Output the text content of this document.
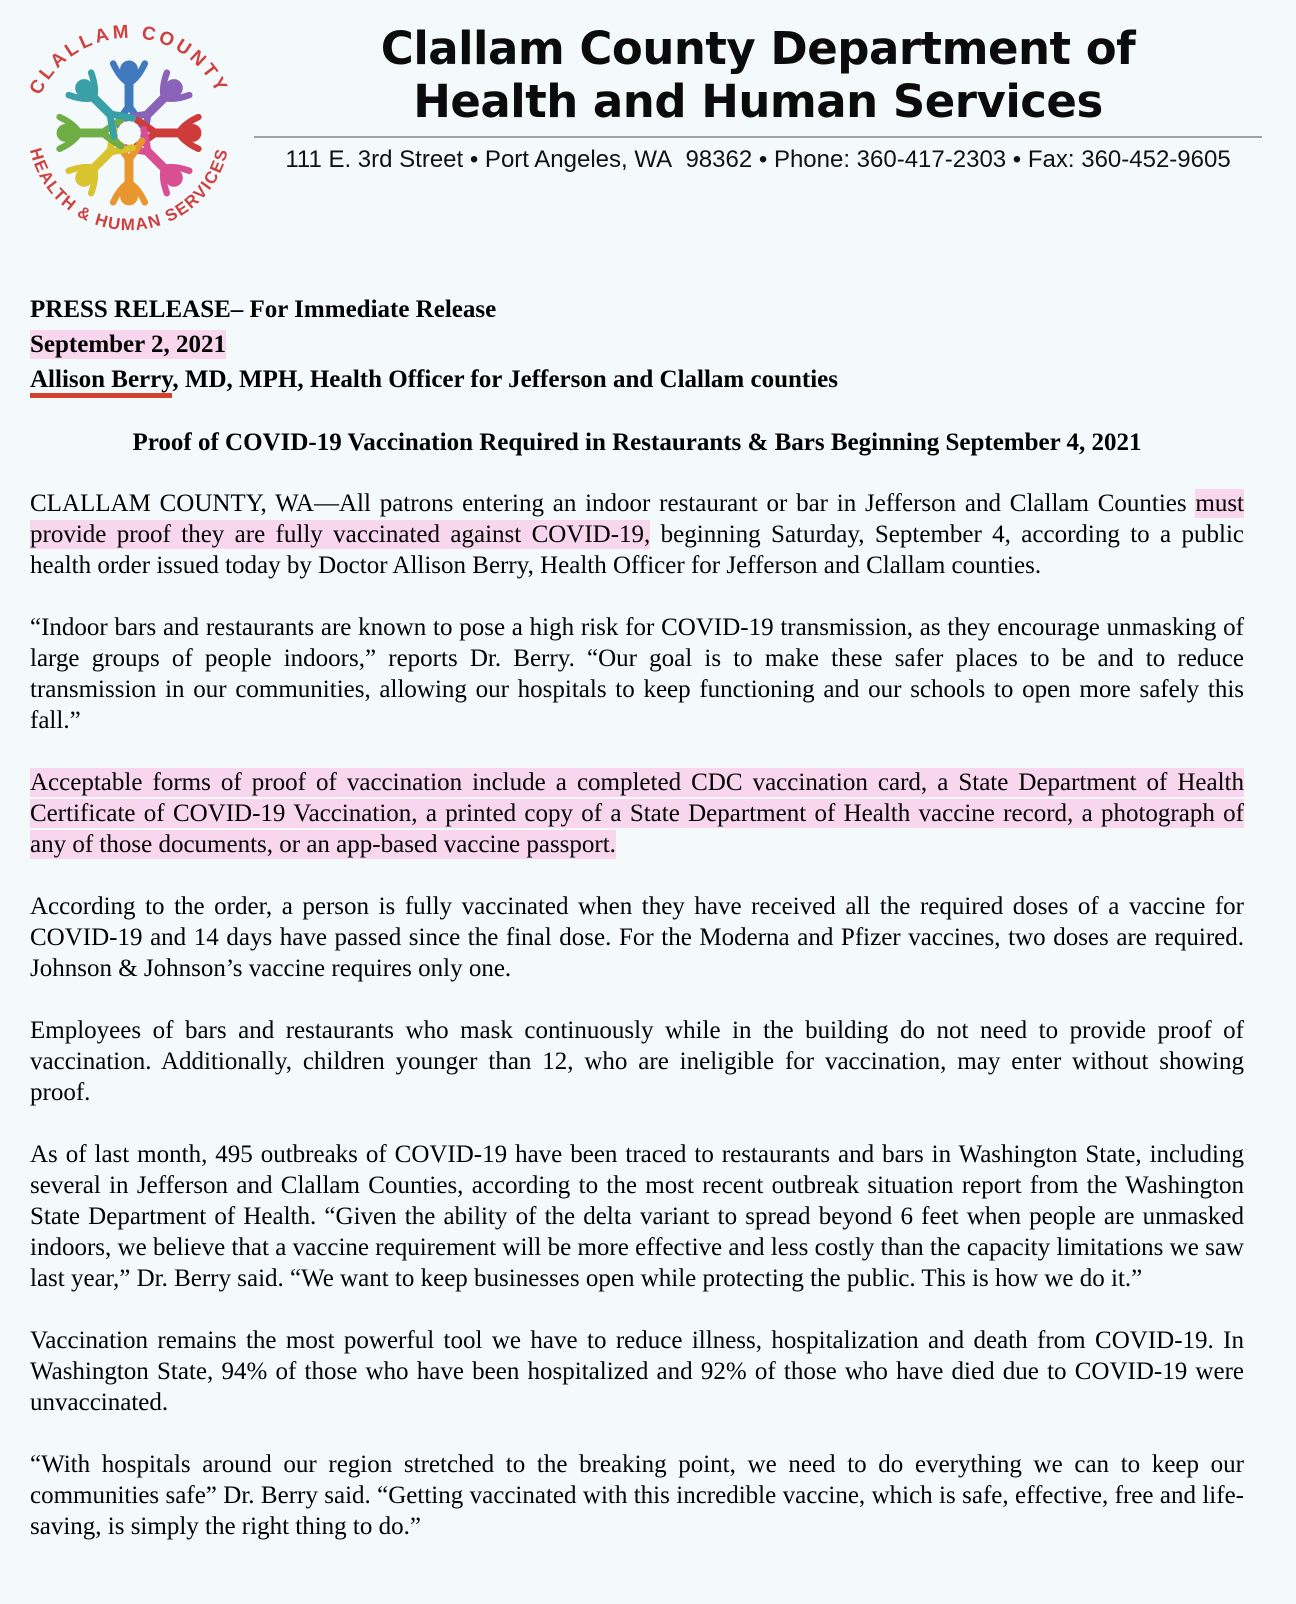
CLALLAM COUNTY
HEALTH & HUMAN SERVICES
Clallam County Department of
Health and Human Services
111 E. 3rd Street • Port Angeles, WA  98362 • Phone: 360-417-2303 • Fax: 360-452-9605

PRESS RELEASE– For Immediate Release

September 2, 2021

Allison Berry, MD, MPH, Health Officer for Jefferson and Clallam counties

Proof of COVID-19 Vaccination Required in Restaurants & Bars Beginning September 4, 2021

CLALLAM COUNTY, WA—All patrons entering an indoor restaurant or bar in Jefferson and Clallam Counties must provide proof they are fully vaccinated against COVID-19, beginning Saturday, September 4, according to a public health order issued today by Doctor Allison Berry, Health Officer for Jefferson and Clallam counties.

“Indoor bars and restaurants are known to pose a high risk for COVID-19 transmission, as they encourage unmasking of large groups of people indoors,” reports Dr. Berry. “Our goal is to make these safer places to be and to reduce transmission in our communities, allowing our hospitals to keep functioning and our schools to open more safely this fall.”

Acceptable forms of proof of vaccination include a completed CDC vaccination card, a State Department of Health Certificate of COVID-19 Vaccination, a printed copy of a State Department of Health vaccine record, a photograph of any of those documents, or an app-based vaccine passport.

According to the order, a person is fully vaccinated when they have received all the required doses of a vaccine for COVID-19 and 14 days have passed since the final dose. For the Moderna and Pfizer vaccines, two doses are required. Johnson & Johnson’s vaccine requires only one.

Employees of bars and restaurants who mask continuously while in the building do not need to provide proof of vaccination. Additionally, children younger than 12, who are ineligible for vaccination, may enter without showing proof.

As of last month, 495 outbreaks of COVID-19 have been traced to restaurants and bars in Washington State, including several in Jefferson and Clallam Counties, according to the most recent outbreak situation report from the Washington State Department of Health. “Given the ability of the delta variant to spread beyond 6 feet when people are unmasked indoors, we believe that a vaccine requirement will be more effective and less costly than the capacity limitations we saw last year,” Dr. Berry said. “We want to keep businesses open while protecting the public. This is how we do it.”

Vaccination remains the most powerful tool we have to reduce illness, hospitalization and death from COVID-19. In Washington State, 94% of those who have been hospitalized and 92% of those who have died due to COVID-19 were unvaccinated.

“With hospitals around our region stretched to the breaking point, we need to do everything we can to keep our communities safe” Dr. Berry said. “Getting vaccinated with this incredible vaccine, which is safe, effective, free and life-saving, is simply the right thing to do.”
